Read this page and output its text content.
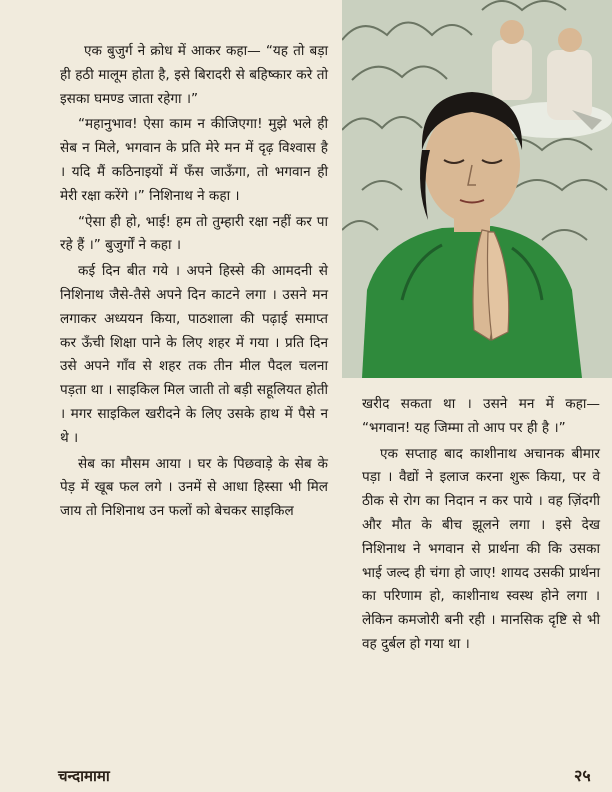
एक बुजुर्ग ने क्रोध में आकर कहा— “यह तो बड़ा ही हठी मालूम होता है, इसे बिरादरी से बहिष्कार करे तो इसका घमण्ड जाता रहेगा ।”

“महानुभाव! ऐसा काम न कीजिएगा! मुझे भले ही सेब न मिले, भगवान के प्रति मेरे मन में दृढ़ विश्वास है । यदि मैं कठिनाइयों में फँस जाऊँगा, तो भगवान ही मेरी रक्षा करेंगे ।” निशिनाथ ने कहा ।

“ऐसा ही हो, भाई! हम तो तुम्हारी रक्षा नहीं कर पा रहे हैं ।” बुजुर्गों ने कहा ।

कई दिन बीत गये । अपने हिस्से की आमदनी से निशिनाथ जैसे-तैसे अपने दिन काटने लगा । उसने मन लगाकर अध्ययन किया, पाठशाला की पढ़ाई समाप्त कर ऊँची शिक्षा पाने के लिए शहर में गया । प्रति दिन उसे अपने गाँव से शहर तक तीन मील पैदल चलना पड़ता था । साइकिल मिल जाती तो बड़ी सहूलियत होती । मगर साइकिल खरीदने के लिए उसके हाथ में पैसे न थे ।

सेब का मौसम आया । घर के पिछवाड़े के सेब के पेड़ में खूब फल लगे । उनमें से आधा हिस्सा भी मिल जाय तो निशिनाथ उन फलों को बेचकर साइकिल

खरीद सकता था । उसने मन में कहा— “भगवान! यह जिम्मा तो आप पर ही है ।”

एक सप्ताह बाद काशीनाथ अचानक बीमार पड़ा । वैद्यों ने इलाज करना शुरू किया, पर वे ठीक से रोग का निदान न कर पाये । वह ज़िंदगी और मौत के बीच झूलने लगा । इसे देख निशिनाथ ने भगवान से प्रार्थना की कि उसका भाई जल्द ही चंगा हो जाए! शायद उसकी प्रार्थना का परिणाम हो, काशीनाथ स्वस्थ होने लगा । लेकिन कमजोरी बनी रही । मानसिक दृष्टि से भी वह दुर्बल हो गया था ।

चन्दामामा	२५
